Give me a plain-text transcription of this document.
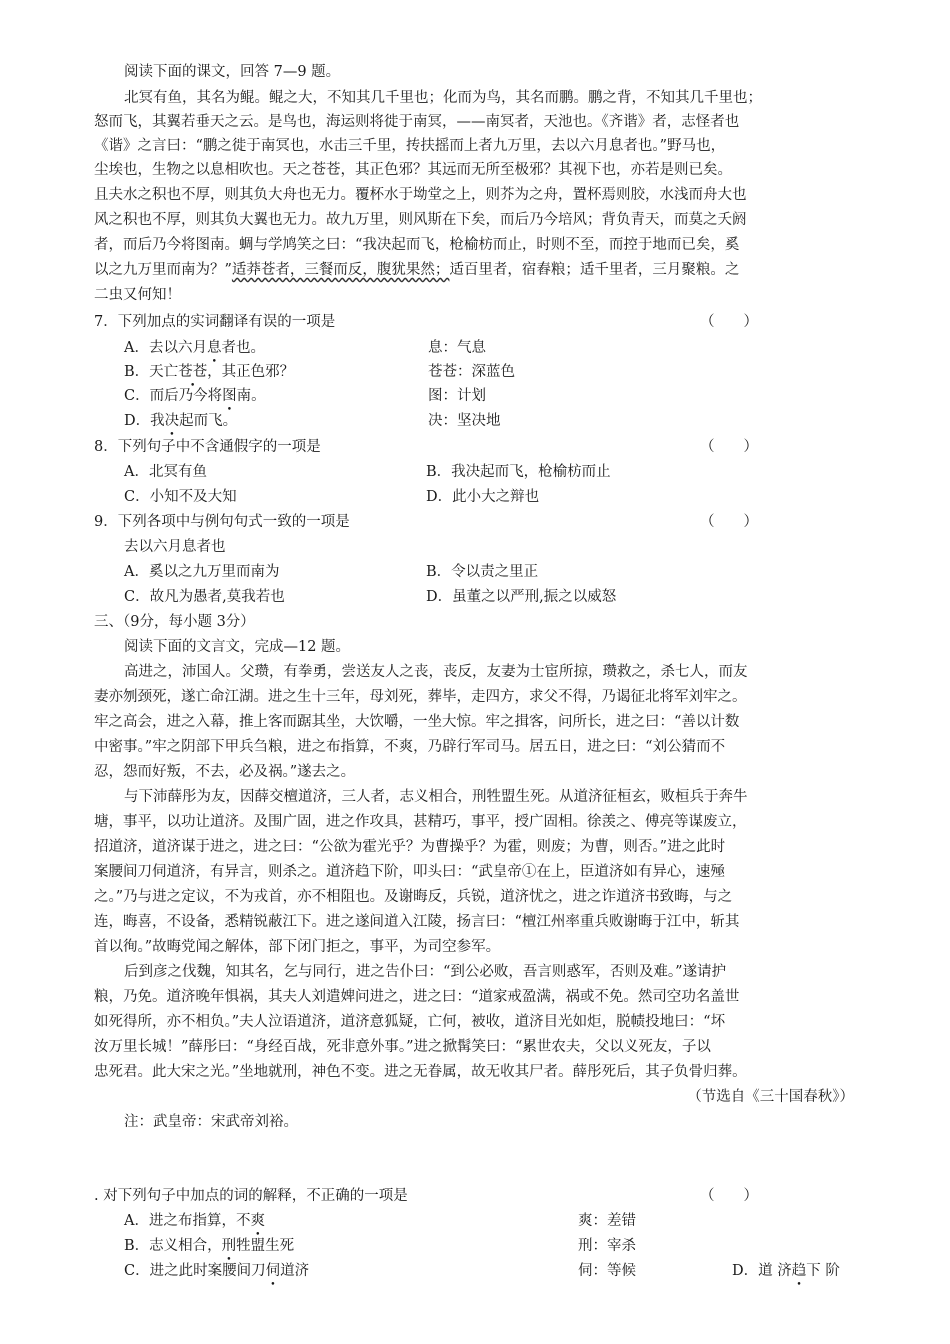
阅读下面的课文，回答 7—9 题。
北冥有鱼，其名为鲲。鲲之大，不知其几千里也；化而为鸟，其名而鹏。鹏之背，不知其几千里也；
怒而飞，其翼若垂天之云。是鸟也，海运则将徙于南冥，——南冥者，天池也。《齐谐》者，志怪者也
《谐》之言曰：“鹏之徙于南冥也，水击三千里，抟扶摇而上者九万里，去以六月息者也。”野马也，
尘埃也，生物之以息相吹也。天之苍苍，其正色邪？其远而无所至极邪？其视下也，亦若是则已矣。
且夫水之积也不厚，则其负大舟也无力。覆杯水于坳堂之上，则芥为之舟，置杯焉则胶，水浅而舟大也
风之积也不厚，则其负大翼也无力。故九万里，则风斯在下矣，而后乃今培风；背负青天，而莫之夭阏
者，而后乃今将图南。蜩与学鸠笑之曰：“我决起而飞，枪榆枋而止，时则不至，而控于地而已矣，奚
以之九万里而南为？”适莽苍者，三餐而反，腹犹果然；适百里者，宿舂粮；适千里者，三月聚粮。之
二虫又何知！
7．下列加点的实词翻译有误的一项是	（　　）
A．去以六月息者也。	息：气息
B．天亡苍苍，其正色邪？	苍苍：深蓝色
C．而后乃今将图南。	图：计划
D．我决起而飞。	决：坚决地
8．下列句子中不含通假字的一项是	（　　）
A．北冥有鱼	B．我决起而飞，枪榆枋而止
C．小知不及大知	D．此小大之辩也
9．下列各项中与例句句式一致的一项是	（　　）
去以六月息者也
A．奚以之九万里而南为	B．令以责之里正
C．故凡为愚者,莫我若也	D．虽董之以严刑,振之以威怒
三、（9分，每小题 3分）
阅读下面的文言文，完成—12 题。
高进之，沛国人。父瓒，有拳勇，尝送友人之丧，丧反，友妻为士宦所掠，瓒救之，杀七人，而友
妻亦刎颈死，遂亡命江湖。进之生十三年，母刘死，葬毕，走四方，求父不得，乃谒征北将军刘牢之。
牢之高会，进之入幕，推上客而踞其坐，大饮嚼，一坐大惊。牢之揖客，问所长，进之曰：“善以计数
中密事。”牢之阴部下甲兵刍粮，进之布指算，不爽，乃辟行军司马。居五日，进之曰：“刘公猜而不
忍，怨而好叛，不去，必及祸。”遂去之。
与下沛薛彤为友，因薛交檀道济，三人者，志义相合，刑牲盟生死。从道济征桓玄，败桓兵于奔牛
塘，事平，以功让道济。及围广固，进之作攻具，甚精巧，事平，授广固相。徐羡之、傅亮等谋废立，
招道济，道济谋于进之，进之曰：“公欲为霍光乎？为曹操乎？为霍，则废；为曹，则否。”进之此时
案腰间刀伺道济，有异言，则杀之。道济趋下阶，叩头曰：“武皇帝①在上，臣道济如有异心，速殛
之。”乃与进之定议，不为戎首，亦不相阻也。及谢晦反，兵锐，道济忧之，进之诈道济书致晦，与之
连，晦喜，不设备，悉精锐蔽江下。进之遂间道入江陵，扬言曰：“檀江州率重兵败谢晦于江中，斩其
首以徇。”故晦党闻之解体，部下闭门拒之，事平，为司空参军。
后到彦之伐魏，知其名，乞与同行，进之告仆曰：“到公必败，吾言则惑军，否则及难。”遂请护
粮，乃免。道济晚年惧祸，其夫人刘遣婢问进之，进之曰：“道家戒盈满，祸或不免。然司空功名盖世
如死得所，亦不相负。”夫人泣语道济，道济意狐疑，亡何，被收，道济目光如炬，脱帻投地曰：“坏
汝万里长城！”薛彤曰：“身经百战，死非意外事。”进之掀髯笑曰：“累世农夫，父以义死友，子以
忠死君。此大宋之光。”坐地就刑，神色不变。进之无眷属，故无收其尸者。薛彤死后，其子负骨归葬。
（节选自《三十国春秋》）
注：武皇帝：宋武帝刘裕。
. 对下列句子中加点的词的解释，不正确的一项是	（　　）
A．进之布指算，不爽	爽：差错
B．志义相合，刑牲盟生死	刑：宰杀
C．进之此时案腰间刀伺道济	伺：等候	D．道 济趋下 阶
